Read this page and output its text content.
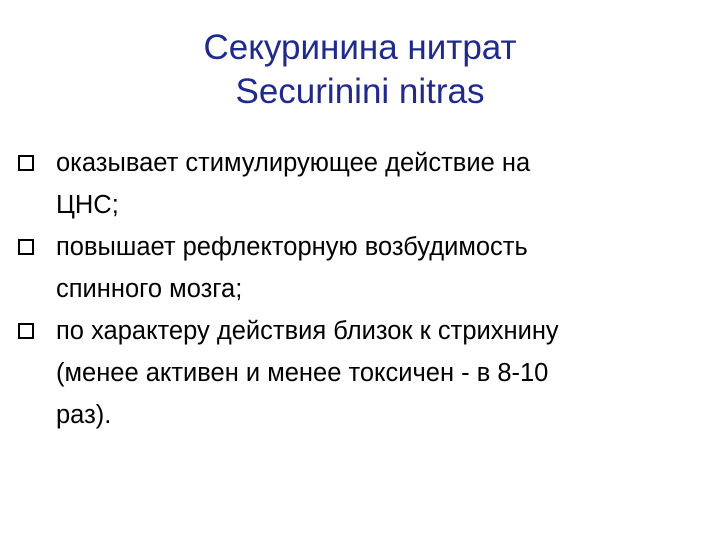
Секуринина нитрат
Securinini nitras
оказывает стимулирующее действие на
ЦНС;
повышает рефлекторную возбудимость
спинного мозга;
по характеру действия близок к стрихнину
(менее активен и менее токсичен - в 8-10
раз).
